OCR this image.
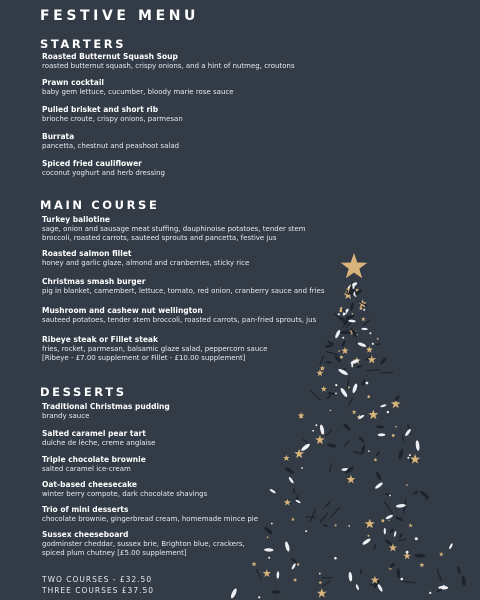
FESTIVE MENU
STARTERS
Roasted Butternut Squash Soup
roasted butternut squash, crispy onions, and a hint of nutmeg, croutons
Prawn cocktail
baby gem lettuce, cucumber, bloody marie rose sauce
Pulled brisket and short rib
brioche croute, crispy onions, parmesan
Burrata
pancetta, chestnut and peashoot salad
Spiced fried cauliflower
coconut yoghurt and herb dressing
MAIN COURSE
Turkey ballotine
sage, onion and sausage meat stuffing, dauphinoise potatoes, tender stem
broccoli, roasted carrots, sauteed sprouts and pancetta, festive jus
Roasted salmon fillet
honey and garlic glaze, almond and cranberries, sticky rice
Christmas smash burger
pig in blanket, camembert, lettuce, tomato, red onion, cranberry sauce and fries
Mushroom and cashew nut wellington
sauteed potatoes, tender stem broccoli, roasted carrots, pan-fried sprouts, jus
Ribeye steak or Fillet steak
fries, rocket, parmesan, balsamic glaze salad, peppercorn sauce
[Ribeye - £7.00 supplement or Fillet - £10.00 supplement]
DESSERTS
Traditional Christmas pudding
brandy sauce
Salted caramel pear tart
dulche de lèche, creme anglaise
Triple chocolate brownie
salted caramel ice-cream
Oat-based cheesecake
winter berry compote, dark chocolate shavings
Trio of mini desserts
chocolate brownie, gingerbread cream, homemade mince pie
Sussex cheeseboard
godminster cheddar, sussex brie, Brighton blue, crackers,
spiced plum chutney [£5.00 supplement]
TWO COURSES - £32.50
THREE COURSES £37.50
